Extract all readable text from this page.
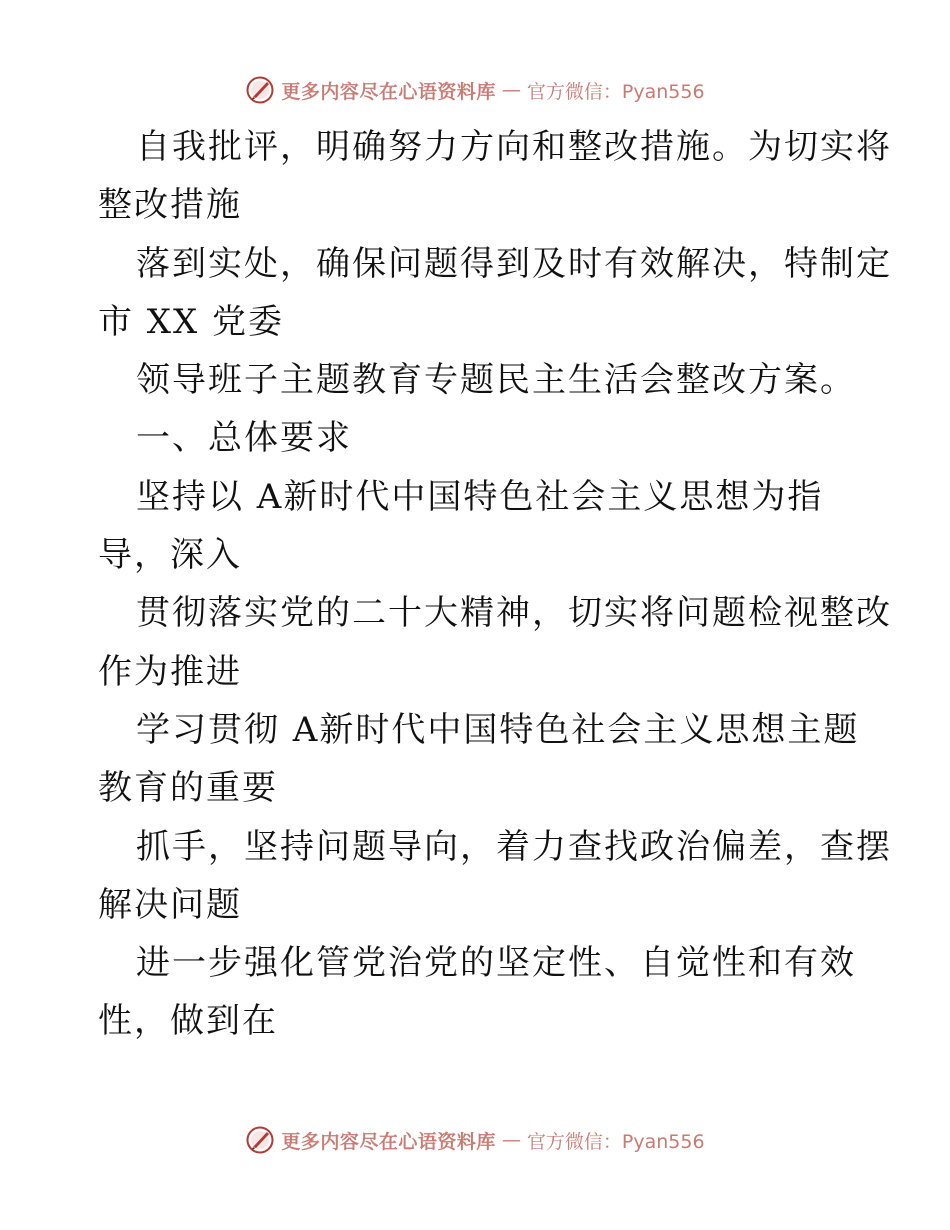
更多内容尽在心语资料库 — 官方微信：Pyan556

自我批评，明确努力方向和整改措施。为切实将

整改措施

落到实处，确保问题得到及时有效解决，特制定

市 XX 党委

领导班子主题教育专题民主生活会整改方案。

一、总体要求

坚持以 A新时代中国特色社会主义思想为指

导，深入

贯彻落实党的二十大精神，切实将问题检视整改

作为推进

学习贯彻 A新时代中国特色社会主义思想主题

教育的重要

抓手，坚持问题导向，着力查找政治偏差，查摆

解决问题

进一步强化管党治党的坚定性、自觉性和有效

性，做到在

更多内容尽在心语资料库 — 官方微信：Pyan556
